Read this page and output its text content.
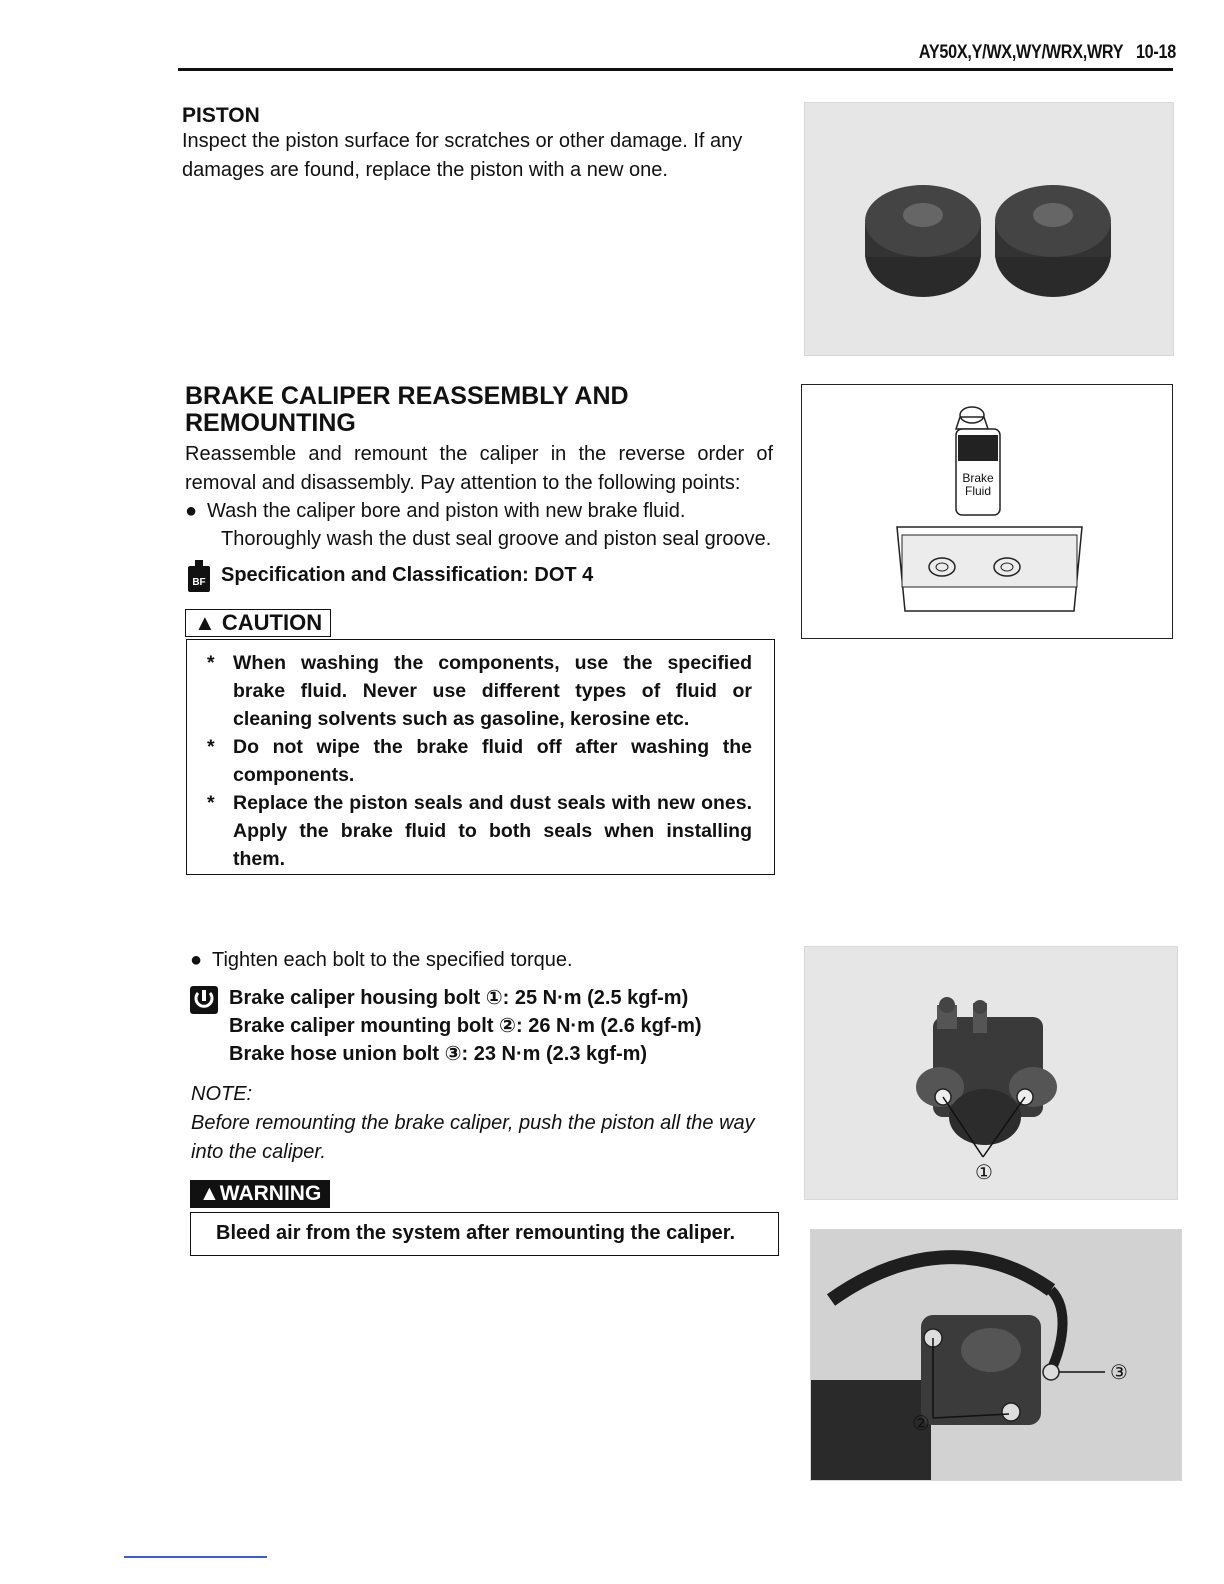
AY50X,Y/WX,WY/WRX,WRY 10-18
PISTON
Inspect the piston surface for scratches or other damage. If any damages are found, replace the piston with a new one.
BRAKE CALIPER REASSEMBLY AND
REMOUNTING
Reassemble and remount the caliper in the reverse order of removal and disassembly. Pay attention to the following points:
● Wash the caliper bore and piston with new brake fluid. Thoroughly wash the dust seal groove and piston seal groove.
BF Specification and Classification: DOT 4
Brake
Fluid
▲ CAUTION
* When washing the components, use the specified brake fluid. Never use different types of fluid or cleaning solvents such as gasoline, kerosine etc.
* Do not wipe the brake fluid off after washing the components.
* Replace the piston seals and dust seals with new ones. Apply the brake fluid to both seals when installing them.
● Tighten each bolt to the specified torque.
Brake caliper housing bolt ①: 25 N·m (2.5 kgf-m)
Brake caliper mounting bolt ②: 26 N·m (2.6 kgf-m)
Brake hose union bolt ③: 23 N·m (2.3 kgf-m)
NOTE:
Before remounting the brake caliper, push the piston all the way into the caliper.
▲WARNING
Bleed air from the system after remounting the caliper.
①
②
③
